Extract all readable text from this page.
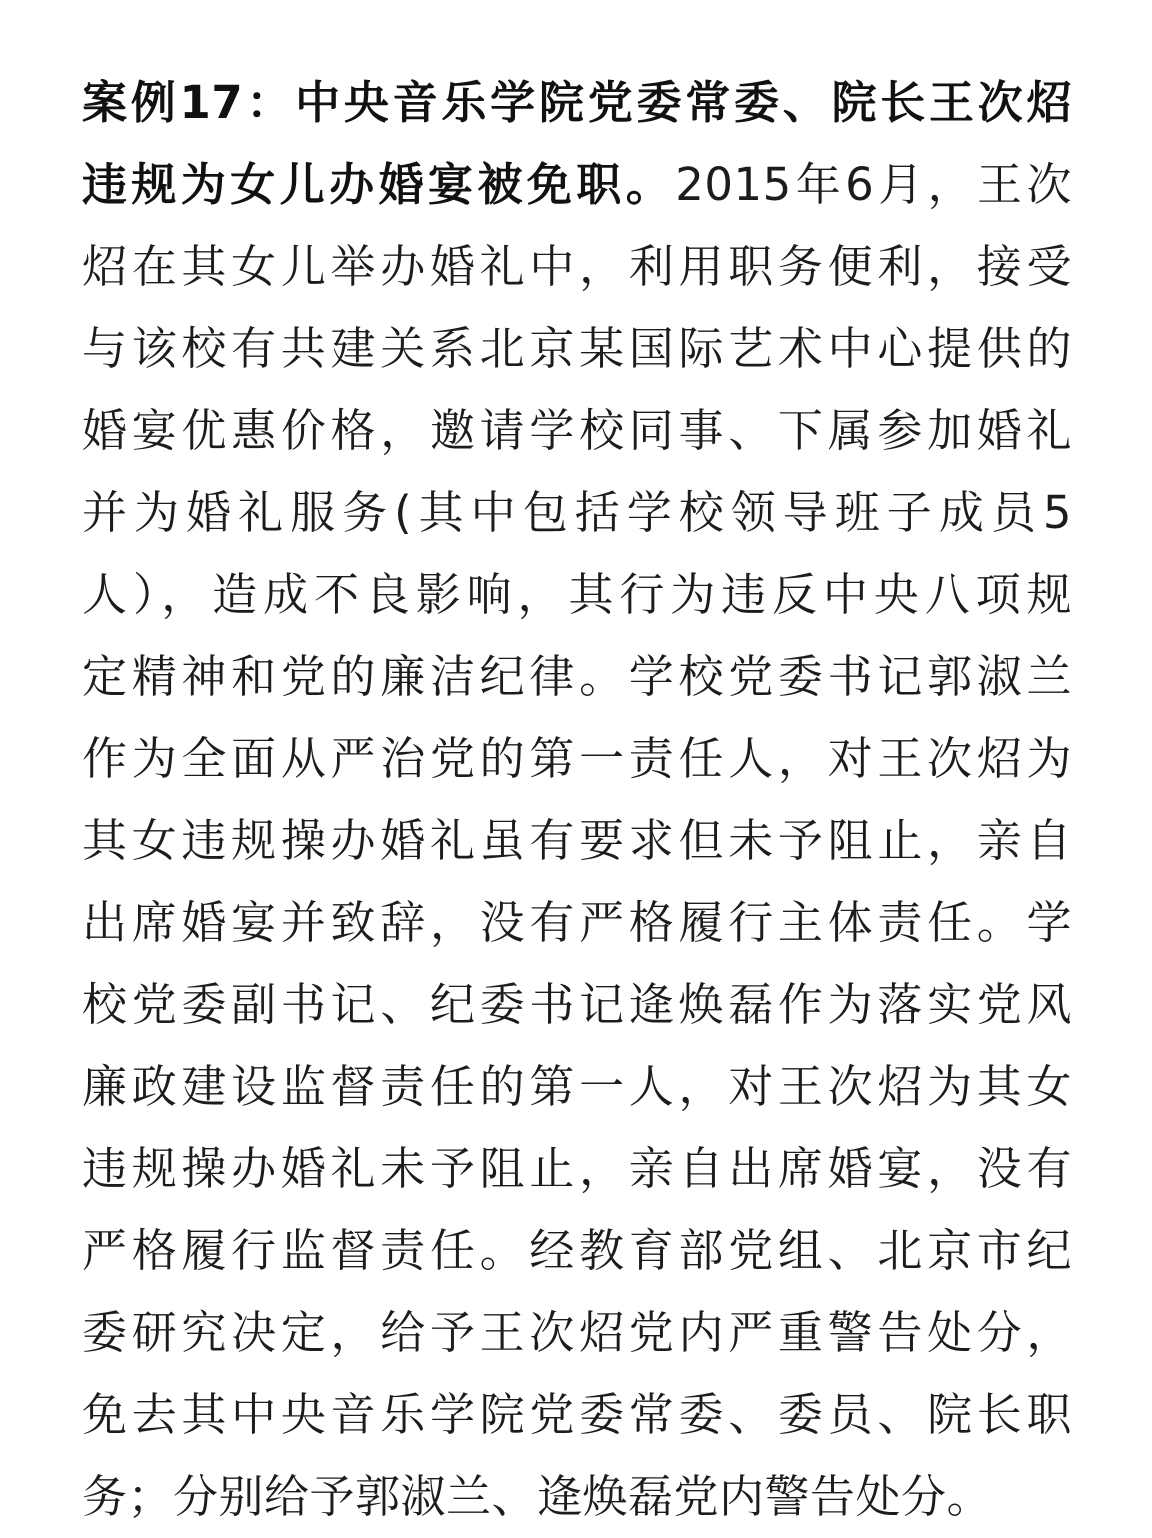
案例17：中央音乐学院党委常委、院长王次炤
违规为女儿办婚宴被免职。2015年6月，王次
炤在其女儿举办婚礼中，利用职务便利，接受
与该校有共建关系北京某国际艺术中心提供的
婚宴优惠价格，邀请学校同事、下属参加婚礼
并为婚礼服务(其中包括学校领导班子成员5
人），造成不良影响，其行为违反中央八项规
定精神和党的廉洁纪律。学校党委书记郭淑兰
作为全面从严治党的第一责任人，对王次炤为
其女违规操办婚礼虽有要求但未予阻止，亲自
出席婚宴并致辞，没有严格履行主体责任。学
校党委副书记、纪委书记逄焕磊作为落实党风
廉政建设监督责任的第一人，对王次炤为其女
违规操办婚礼未予阻止，亲自出席婚宴，没有
严格履行监督责任。经教育部党组、北京市纪
委研究决定，给予王次炤党内严重警告处分，
免去其中央音乐学院党委常委、委员、院长职
务；分别给予郭淑兰、逄焕磊党内警告处分。
